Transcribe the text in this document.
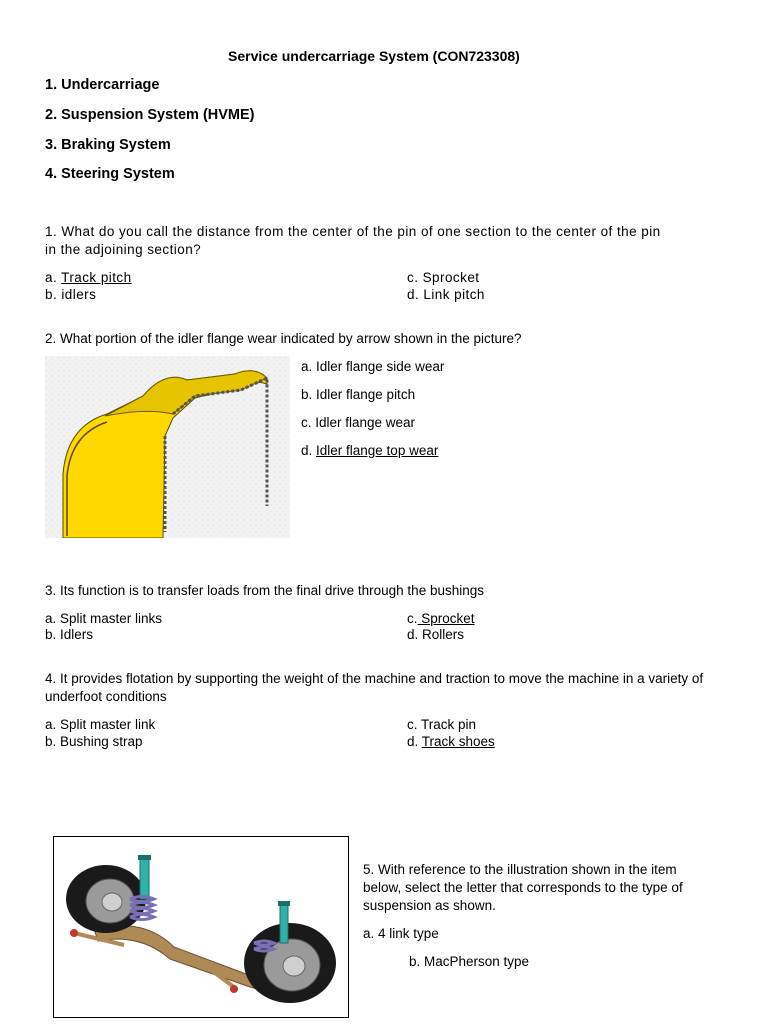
Service undercarriage System (CON723308)
1. Undercarriage
2. Suspension System (HVME)
3. Braking System
4. Steering System
1. What do you call the distance from the center of the pin of one section to the center of the pin
in the adjoining section?
a. Track pitch
b. idlers
c. Sprocket
d. Link pitch
2. What portion of the idler flange wear indicated by arrow shown in the picture?
a. Idler flange side wear
b. Idler flange pitch
c. Idler flange wear
d. Idler flange top wear
3. Its function is to transfer loads from the final drive through the bushings
a. Split master links
b. Idlers
c. Sprocket
d. Rollers
4. It provides flotation by supporting the weight of the machine and traction to move the machine in a variety of
underfoot conditions
a. Split master link
b. Bushing strap
c. Track pin
d. Track shoes
5. With reference to the illustration shown in the item
below, select the letter that corresponds to the type of
suspension as shown.
a. 4 link type
b. MacPherson type
